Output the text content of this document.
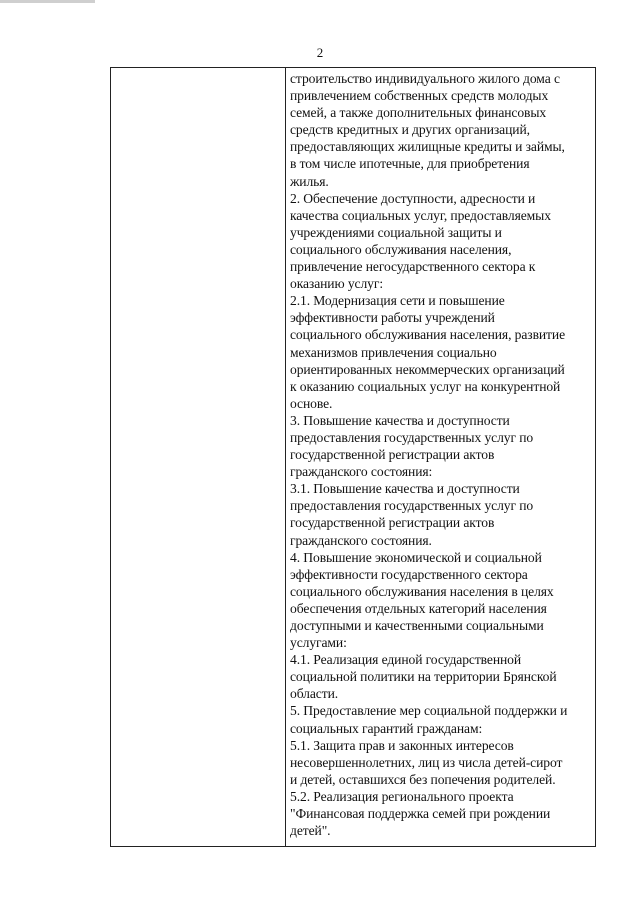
2
строительство индивидуального жилого дома с
привлечением собственных средств молодых
семей, а также дополнительных финансовых
средств кредитных и других организаций,
предоставляющих жилищные кредиты и займы,
в том числе ипотечные, для приобретения
жилья.
2. Обеспечение доступности, адресности и
качества социальных услуг, предоставляемых
учреждениями социальной защиты и
социального обслуживания населения,
привлечение негосударственного сектора к
оказанию услуг:
2.1. Модернизация сети и повышение
эффективности работы учреждений
социального обслуживания населения, развитие
механизмов привлечения социально
ориентированных некоммерческих организаций
к оказанию социальных услуг на конкурентной
основе.
3. Повышение качества и доступности
предоставления государственных услуг по
государственной регистрации актов
гражданского состояния:
3.1. Повышение качества и доступности
предоставления государственных услуг по
государственной регистрации актов
гражданского состояния.
4. Повышение экономической и социальной
эффективности государственного сектора
социального обслуживания населения в целях
обеспечения отдельных категорий населения
доступными и качественными социальными
услугами:
4.1. Реализация единой государственной
социальной политики на территории Брянской
области.
5. Предоставление мер социальной поддержки и
социальных гарантий гражданам:
5.1. Защита прав и законных интересов
несовершеннолетних, лиц из числа детей-сирот
и детей, оставшихся без попечения родителей.
5.2. Реализация регионального проекта
"Финансовая поддержка семей при рождении
детей".
